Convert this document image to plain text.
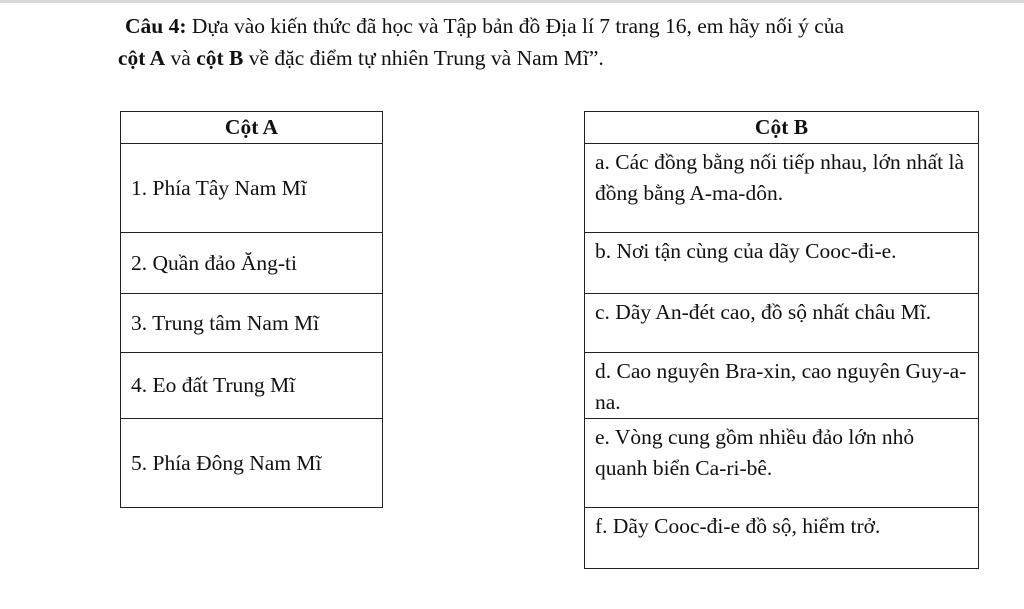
Câu 4: Dựa vào kiến thức đã học và Tập bản đồ Địa lí 7 trang 16, em hãy nối ý của
cột A và cột B về đặc điểm tự nhiên Trung và Nam Mĩ”.
Cột A
1. Phía Tây Nam Mĩ
2. Quần đảo Ăng-ti
3. Trung tâm Nam Mĩ
4. Eo đất Trung Mĩ
5. Phía Đông Nam Mĩ
Cột B
a. Các đồng bằng nối tiếp nhau, lớn nhất là đồng bằng A-ma-dôn.
b. Nơi tận cùng của dãy Cooc-đi-e.
c. Dãy An-đét cao, đồ sộ nhất châu Mĩ.
d. Cao nguyên Bra-xin, cao nguyên Guy-a-na.
e. Vòng cung gồm nhiều đảo lớn nhỏ quanh biển Ca-ri-bê.
f. Dãy Cooc-đi-e đồ sộ, hiểm trở.
